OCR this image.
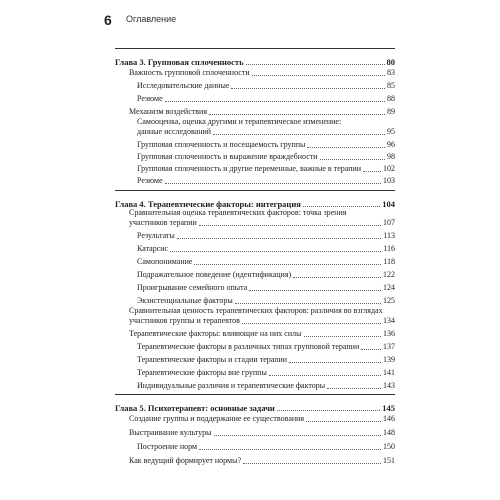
6 Оглавление
Глава 3. Групповая сплоченность	80
Важность групповой сплоченности	83
Исследовательские данные	85
Резюме	88
Механизм воздействия	89
Самооценка, оценка другими и терапевтическое изменение:
данные исследований	95
Групповая сплоченность и посещаемость группы	96
Групповая сплоченность и выражение враждебности	98
Групповая сплоченность и другие переменные, важные в терапии	102
Резюме	103
Глава 4. Терапевтические факторы: интеграция	104
Сравнительная оценка терапевтических факторов: точка зрения
участников терапии	107
Результаты	113
Катарсис	116
Самопонимание	118
Подражательное поведение (идентификация)	122
Проигрывание семейного опыта	124
Экзистенциальные факторы	125
Сравнительная ценность терапевтических факторов: различия во взглядах
участников группы и терапевтов	134
Терапевтические факторы: влияющие на них силы	136
Терапевтические факторы в различных типах групповой терапии	137
Терапевтические факторы и стадии терапии	139
Терапевтические факторы вне группы	141
Индивидуальные различия и терапевтические факторы	143
Глава 5. Психотерапевт: основные задачи	145
Создание группы и поддержание ее существования	146
Выстраивание культуры	148
Построение норм	150
Как ведущий формирует нормы?	151
